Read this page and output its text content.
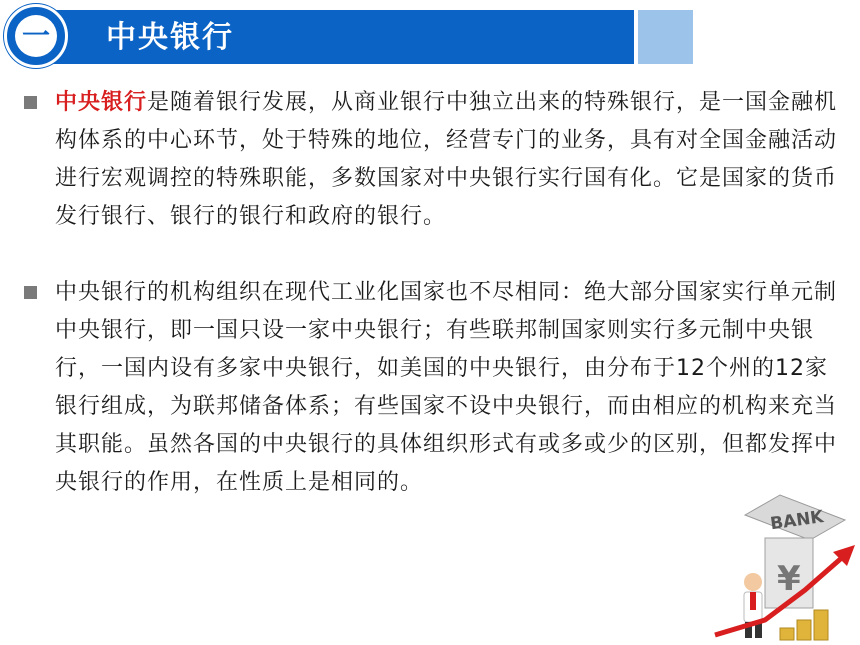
一 中央银行
中央银行是随着银行发展，从商业银行中独立出来的特殊银行，是一国金融机构体系的中心环节，处于特殊的地位，经营专门的业务，具有对全国金融活动进行宏观调控的特殊职能，多数国家对中央银行实行国有化。它是国家的货币发行银行、银行的银行和政府的银行。
中央银行的机构组织在现代工业化国家也不尽相同：绝大部分国家实行单元制中央银行，即一国只设一家中央银行；有些联邦制国家则实行多元制中央银行，一国内设有多家中央银行，如美国的中央银行，由分布于12个州的12家银行组成，为联邦储备体系；有些国家不设中央银行，而由相应的机构来充当其职能。虽然各国的中央银行的具体组织形式有或多或少的区别，但都发挥中央银行的作用，在性质上是相同的。
BANK
¥
